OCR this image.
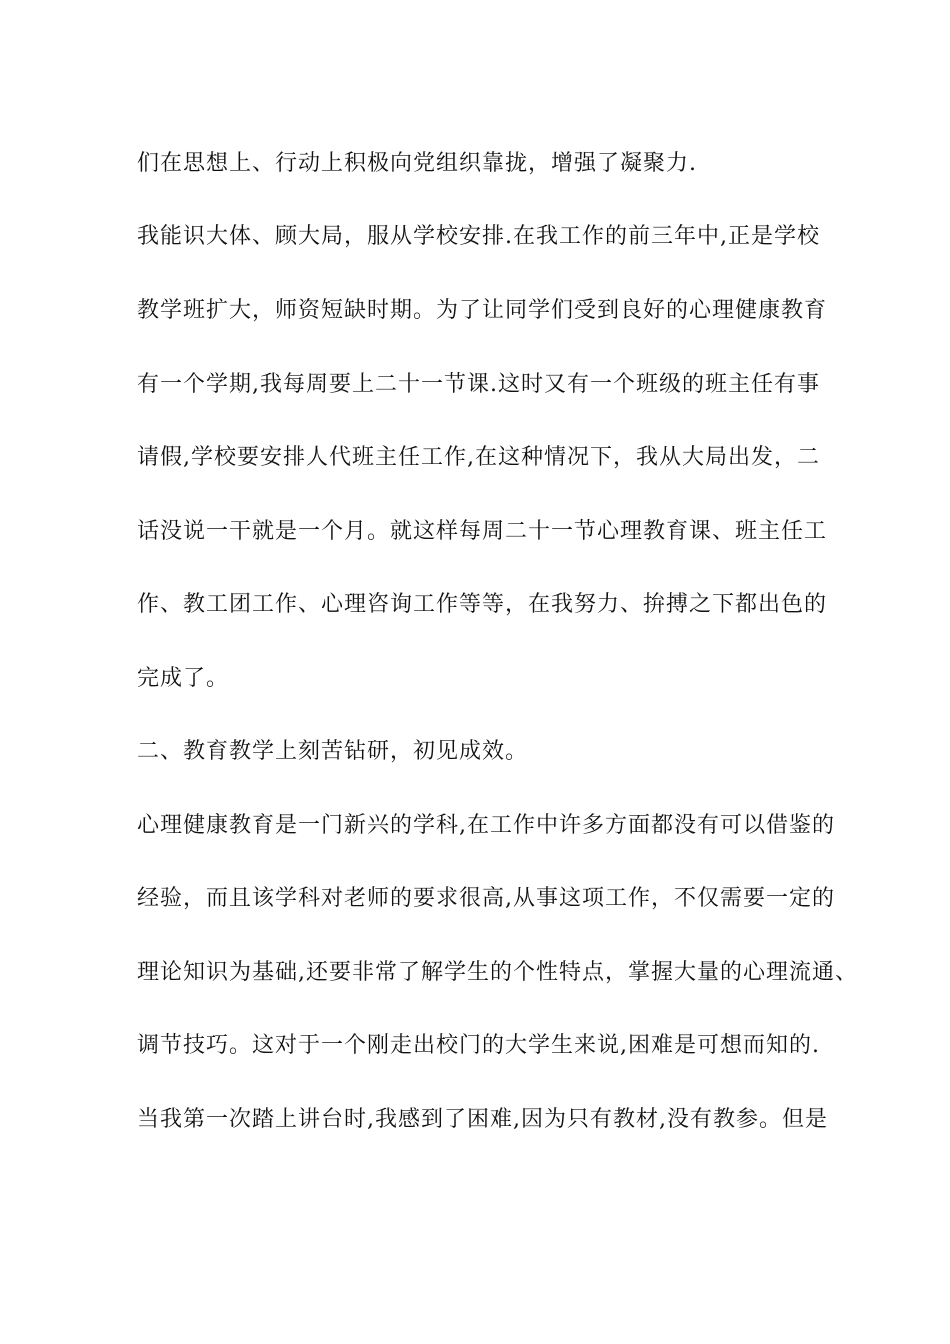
们在思想上、行动上积极向党组织靠拢，增强了凝聚力.
我能识大体、顾大局，服从学校安排.在我工作的前三年中,正是学校
教学班扩大，师资短缺时期。为了让同学们受到良好的心理健康教育
有一个学期,我每周要上二十一节课.这时又有一个班级的班主任有事
请假,学校要安排人代班主任工作,在这种情况下，我从大局出发，二
话没说一干就是一个月。就这样每周二十一节心理教育课、班主任工
作、教工团工作、心理咨询工作等等，在我努力、拚搏之下都出色的
完成了。
二、教育教学上刻苦钻研，初见成效。
心理健康教育是一门新兴的学科,在工作中许多方面都没有可以借鉴的
经验，而且该学科对老师的要求很高,从事这项工作，不仅需要一定的
理论知识为基础,还要非常了解学生的个性特点，掌握大量的心理流通、
调节技巧。这对于一个刚走出校门的大学生来说,困难是可想而知的.
当我第一次踏上讲台时,我感到了困难,因为只有教材,没有教参。但是
